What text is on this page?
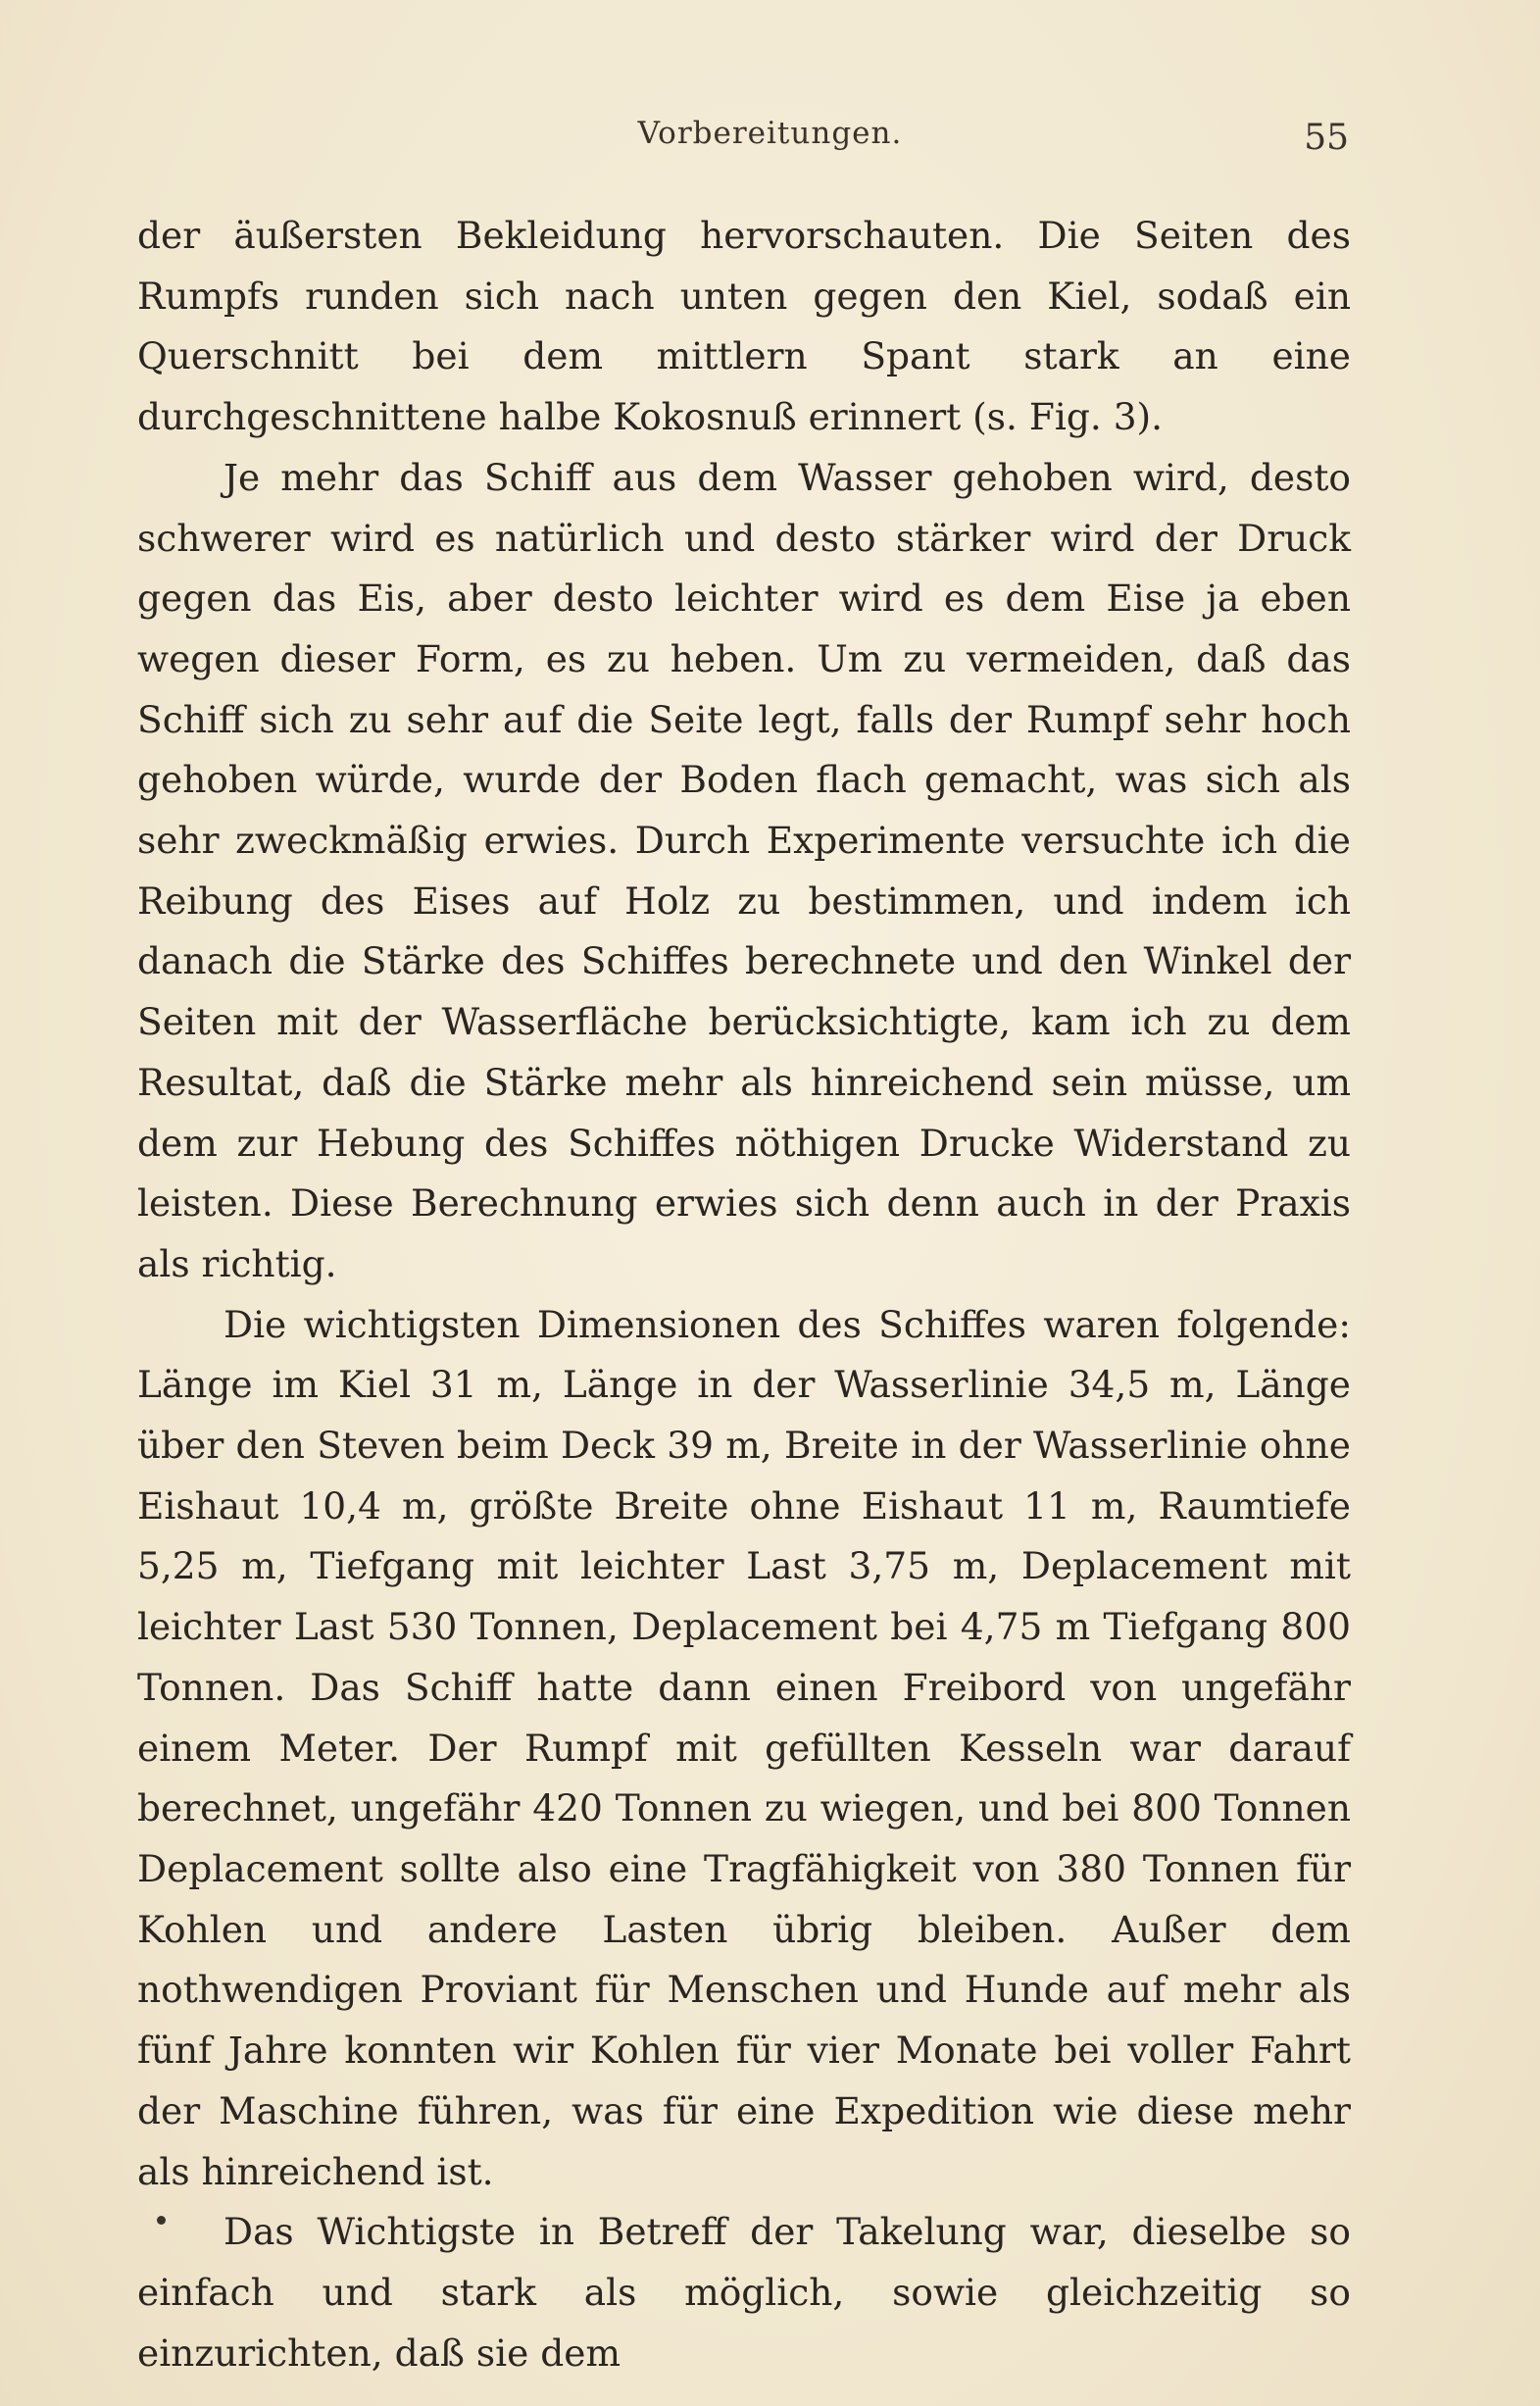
Vorbereitungen.	55

der äußersten Bekleidung hervorschauten. Die Seiten des Rumpfs runden sich nach unten gegen den Kiel, sodaß ein Querschnitt bei dem mittlern Spant stark an eine durchgeschnittene halbe Kokosnuß erinnert (s. Fig. 3).

Je mehr das Schiff aus dem Wasser gehoben wird, desto schwerer wird es natürlich und desto stärker wird der Druck gegen das Eis, aber desto leichter wird es dem Eise ja eben wegen dieser Form, es zu heben. Um zu vermeiden, daß das Schiff sich zu sehr auf die Seite legt, falls der Rumpf sehr hoch gehoben würde, wurde der Boden flach gemacht, was sich als sehr zweckmäßig erwies. Durch Experimente versuchte ich die Reibung des Eises auf Holz zu bestimmen, und indem ich danach die Stärke des Schiffes berechnete und den Winkel der Seiten mit der Wasserfläche berücksichtigte, kam ich zu dem Resultat, daß die Stärke mehr als hinreichend sein müsse, um dem zur Hebung des Schiffes nöthigen Drucke Widerstand zu leisten. Diese Berechnung erwies sich denn auch in der Praxis als richtig.

Die wichtigsten Dimensionen des Schiffes waren folgende: Länge im Kiel 31 m, Länge in der Wasserlinie 34,5 m, Länge über den Steven beim Deck 39 m, Breite in der Wasserlinie ohne Eishaut 10,4 m, größte Breite ohne Eishaut 11 m, Raumtiefe 5,25 m, Tiefgang mit leichter Last 3,75 m, Deplacement mit leichter Last 530 Tonnen, Deplacement bei 4,75 m Tiefgang 800 Tonnen. Das Schiff hatte dann einen Freibord von ungefähr einem Meter. Der Rumpf mit gefüllten Kesseln war darauf berechnet, ungefähr 420 Tonnen zu wiegen, und bei 800 Tonnen Deplacement sollte also eine Tragfähigkeit von 380 Tonnen für Kohlen und andere Lasten übrig bleiben. Außer dem nothwendigen Proviant für Menschen und Hunde auf mehr als fünf Jahre konnten wir Kohlen für vier Monate bei voller Fahrt der Maschine führen, was für eine Expedition wie diese mehr als hinreichend ist.

Das Wichtigste in Betreff der Takelung war, dieselbe so einfach und stark als möglich, sowie gleichzeitig so einzurichten, daß sie dem
